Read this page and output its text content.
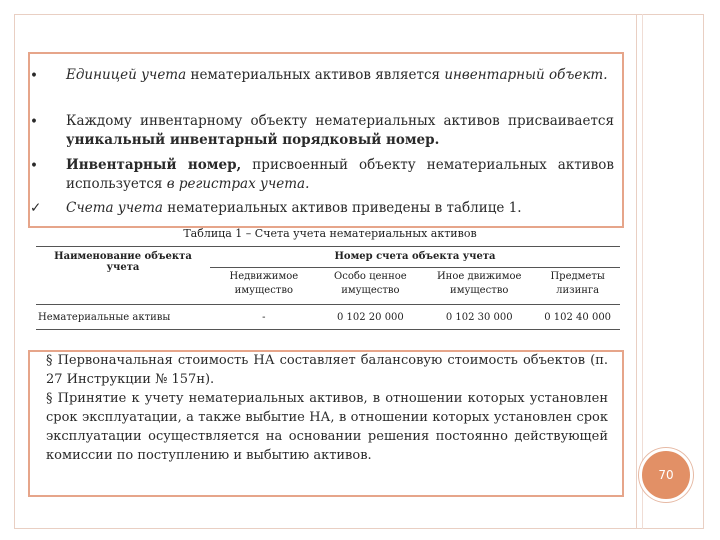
• Единицей учета нематериальных активов является инвентарный объект.
• Каждому инвентарному объекту нематериальных активов присваивается уникальный инвентарный порядковый номер.
• Инвентарный номер, присвоенный объекту нематериальных активов используется в регистрах учета.
✓ Счета учета нематериальных активов приведены в таблице 1.
Таблица 1 – Счета учета нематериальных активов
Наименование объекта учета	Номер счета объекта учета			
	Недвижимое имущество	Особо ценное имущество	Иное движимое имущество	Предметы лизинга
Нематериальные активы	-	0 102 20 000	0 102 30 000	0 102 40 000

§ Первоначальная стоимость НА составляет балансовую стоимость объектов (п. 27 Инструкции № 157н).

§ Принятие к учету нематериальных активов, в отношении которых установлен срок эксплуатации, а также выбытие НА, в отношении которых установлен срок эксплуатации осуществляется на основании решения постоянно действующей комиссии по поступлению и выбытию активов.

70
